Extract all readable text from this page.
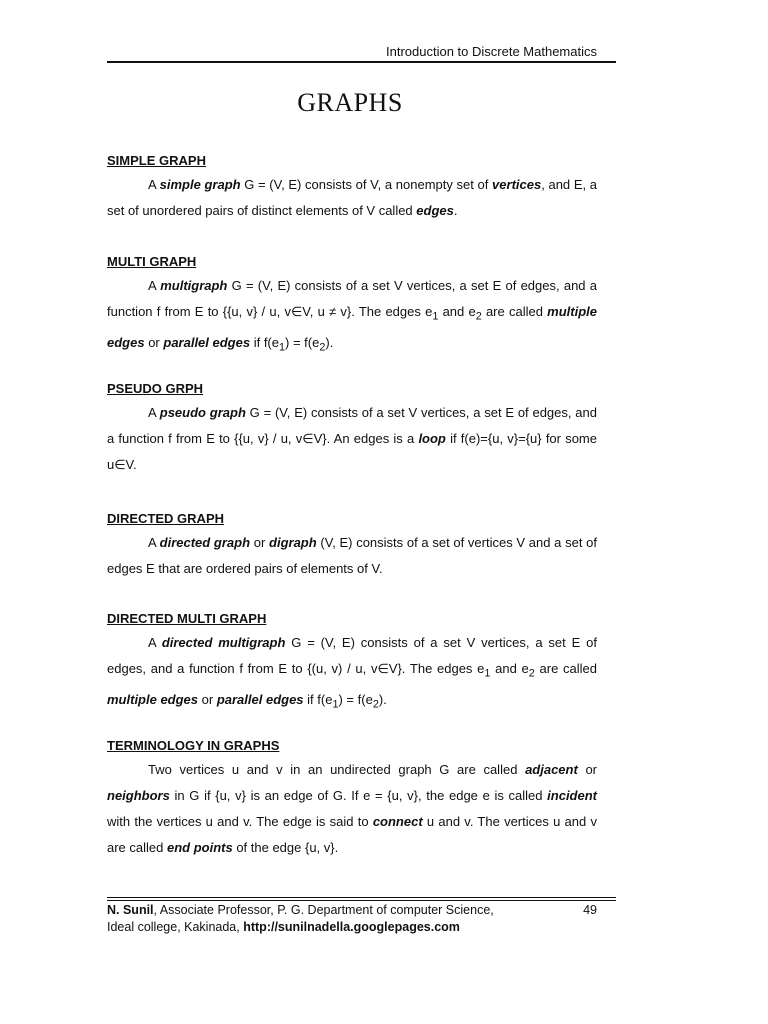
Introduction to Discrete Mathematics
GRAPHS

SIMPLE GRAPH

A simple graph G = (V, E) consists of V, a nonempty set of vertices, and E, a set of unordered pairs of distinct elements of V called edges.

MULTI GRAPH

A multigraph G = (V, E) consists of a set V vertices, a set E of edges, and a function f from E to {{u, v} / u, v∈V, u ≠ v}. The edges $e_1$ and $e_2$ are called multiple edges or parallel edges if $f(e_1) = f(e_2)$.

PSEUDO GRPH

A pseudo graph G = (V, E) consists of a set V vertices, a set E of edges, and a function f from E to {{u, v} / u, v∈V}. An edges is a loop if f(e)={u, v}={u} for some u∈V.

DIRECTED GRAPH

A directed graph or digraph (V, E) consists of a set of vertices V and a set of edges E that are ordered pairs of elements of V.

DIRECTED MULTI GRAPH

A directed multigraph G = (V, E) consists of a set V vertices, a set E of edges, and a function f from E to {(u, v) / u, v∈V}. The edges $e_1$ and $e_2$ are called multiple edges or parallel edges if $f(e_1) = f(e_2)$.

TERMINOLOGY IN GRAPHS

Two vertices u and v in an undirected graph G are called adjacent or neighbors in G if {u, v} is an edge of G. If e = {u, v}, the edge e is called incident with the vertices u and v. The edge is said to connect u and v. The vertices u and v are called end points of the edge {u, v}.

N. Sunil, Associate Professor, P. G. Department of computer Science,
Ideal college, Kakinada, http://sunilnadella.googlepages.com
49
